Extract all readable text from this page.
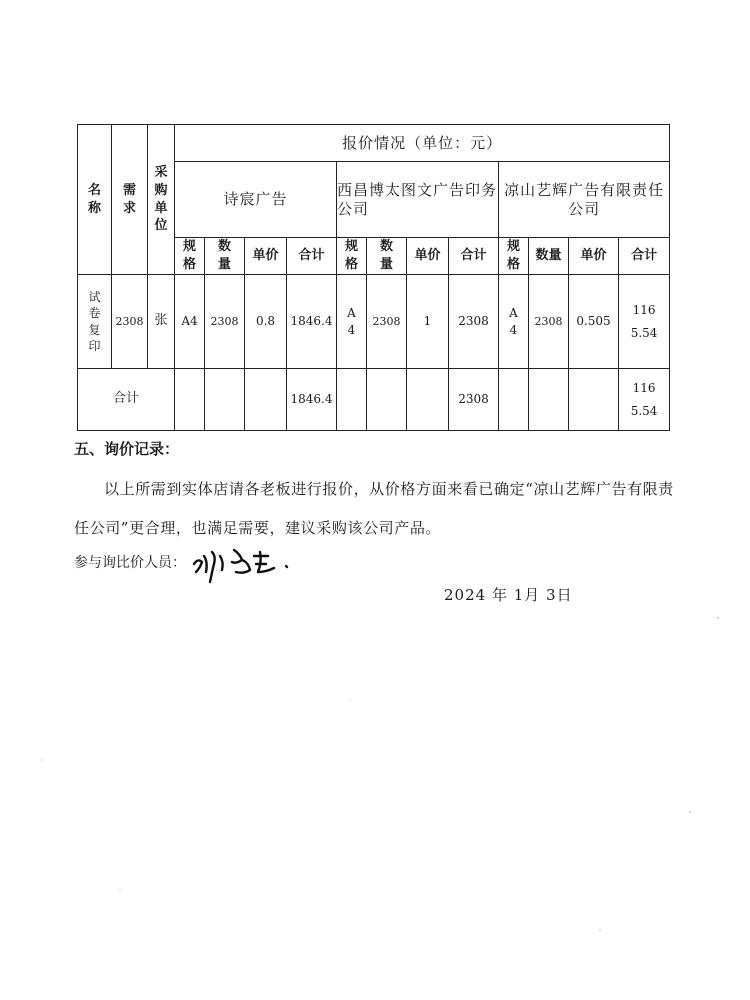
名称	需求	采购单位	报价情况（单位：元）											
			诗宸广告				西昌博太图文广告印务公司				凉山艺辉广告有限责任公司			
			规格	数量	单价	合计	规格	数量	单价	合计	规格	数量	单价	合计
试卷复印	2308	张	A4	2308	0.8	1846.4	A4	2308	1	2308	A4	2308	0.505	1165.54
合计						1846.4				2308				1165.54
五、询价记录：

以上所需到实体店请各老板进行报价，从价格方面来看已确定“凉山艺辉广告有限责任公司”更合理，也满足需要，建议采购该公司产品。

参与询比价人员：
2024 年 1月 3日
